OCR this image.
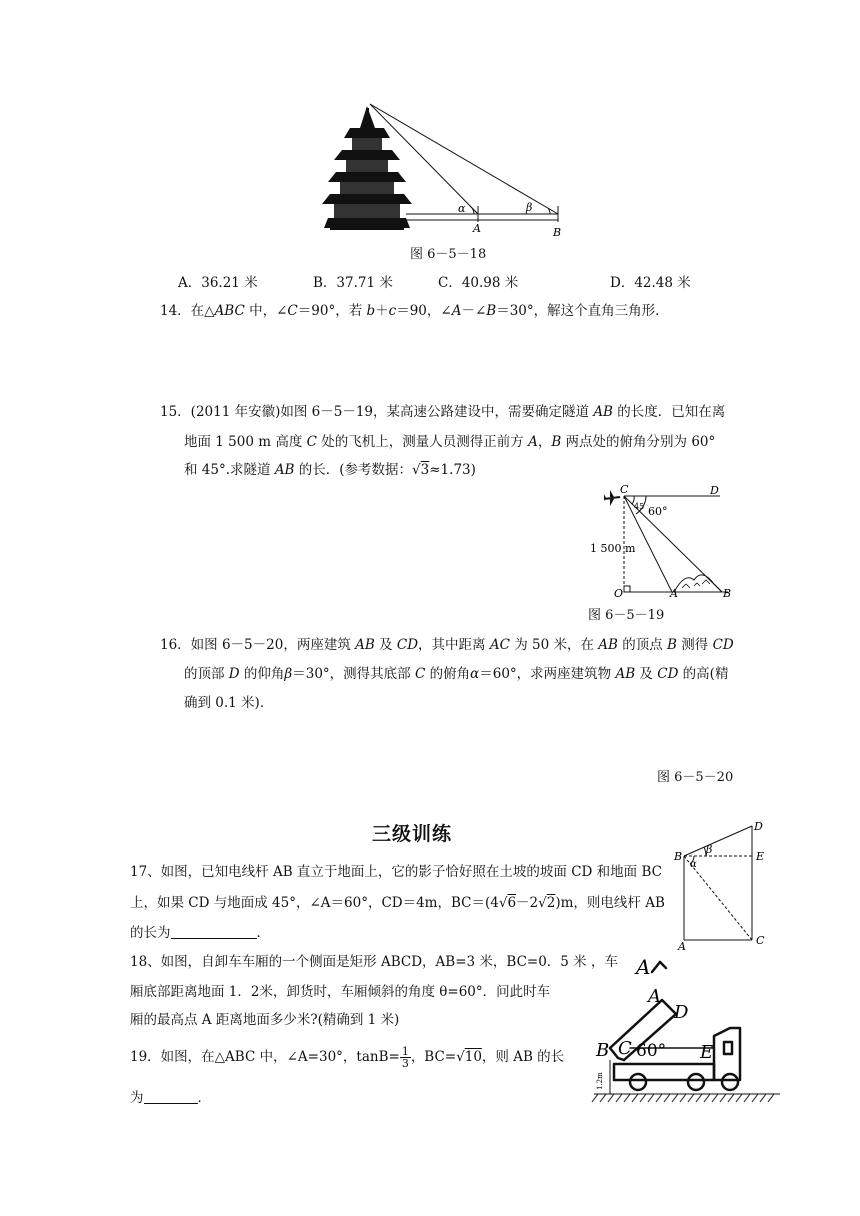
α	β
A	B
图 6－5－18
A．36.21 米	B．37.71 米	C．40.98 米	D．42.48 米
14．在△ABC 中，∠C＝90°，若 b＋c＝90，∠A－∠B＝30°，解这个直角三角形．
15．(2011 年安徽)如图 6－5－19，某高速公路建设中，需要确定隧道 AB 的长度．已知在离
地面 1 500 m 高度 C 处的飞机上，测量人员测得正前方 A，B 两点处的俯角分别为 60°
和 45°.求隧道 AB 的长．(参考数据：√3≈1.73)
C	D
45 60°
1 500 m
O	A	B
图 6－5－19
16．如图 6－5－20，两座建筑 AB 及 CD，其中距离 AC 为 50 米，在 AB 的顶点 B 测得 CD
的顶部 D 的仰角β＝30°，测得其底部 C 的俯角α＝60°，求两座建筑物 AB 及 CD 的高(精
确到 0.1 米)．
图 6－5－20
三级训练	D
E
B
β
α
A	C
17、如图，已知电线杆 AB 直立于地面上，它的影子恰好照在土坡的坡面 CD 和地面 BC
上，如果 CD 与地面成 45°，∠A＝60°，CD＝4m，BC＝(4√6－2√2)m，则电线杆 AB
的长为	．
18、如图，自卸车车厢的一个侧面是矩形 ABCD，AB=3 米，BC=0．5 米 ，车
厢底部距离地面 1．2米，卸货时，车厢倾斜的角度 θ=60°．问此时车
厢的最高点 A 距离地面多少米?(精确到 1 米)
A
A
D
B C 60° E
1.2m
19．如图，在△ABC 中，∠A=30°，$\tan B= \frac{1}{3}$ ，BC=√10，则 AB 的长
为	．
